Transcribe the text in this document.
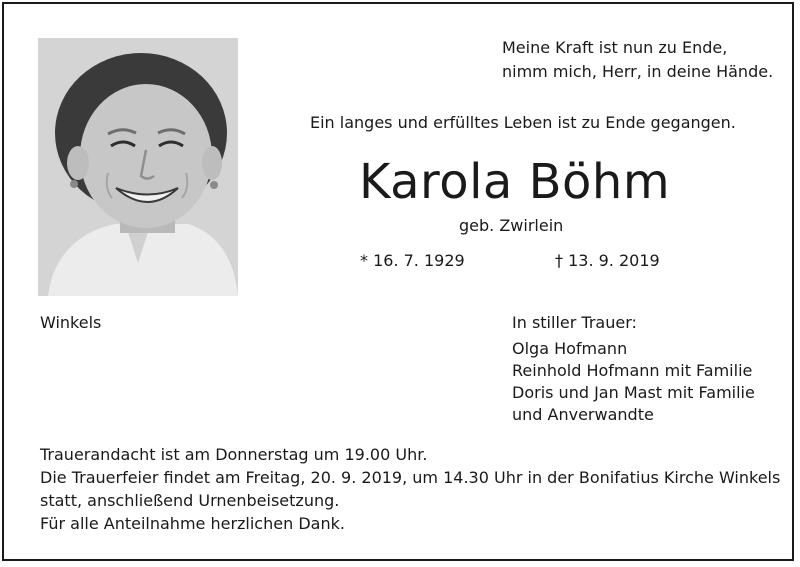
Meine Kraft ist nun zu Ende,
nimm mich, Herr, in deine Hände.
Ein langes und erfülltes Leben ist zu Ende gegangen.
Karola Böhm
geb. Zwirlein
* 16. 7. 1929	† 13. 9. 2019
Winkels	In stiller Trauer:
Olga Hofmann
Reinhold Hofmann mit Familie
Doris und Jan Mast mit Familie
und Anverwandte
Trauerandacht ist am Donnerstag um 19.00 Uhr.
Die Trauerfeier findet am Freitag, 20. 9. 2019, um 14.30 Uhr in der Bonifatius Kirche Winkels
statt, anschließend Urnenbeisetzung.
Für alle Anteilnahme herzlichen Dank.
